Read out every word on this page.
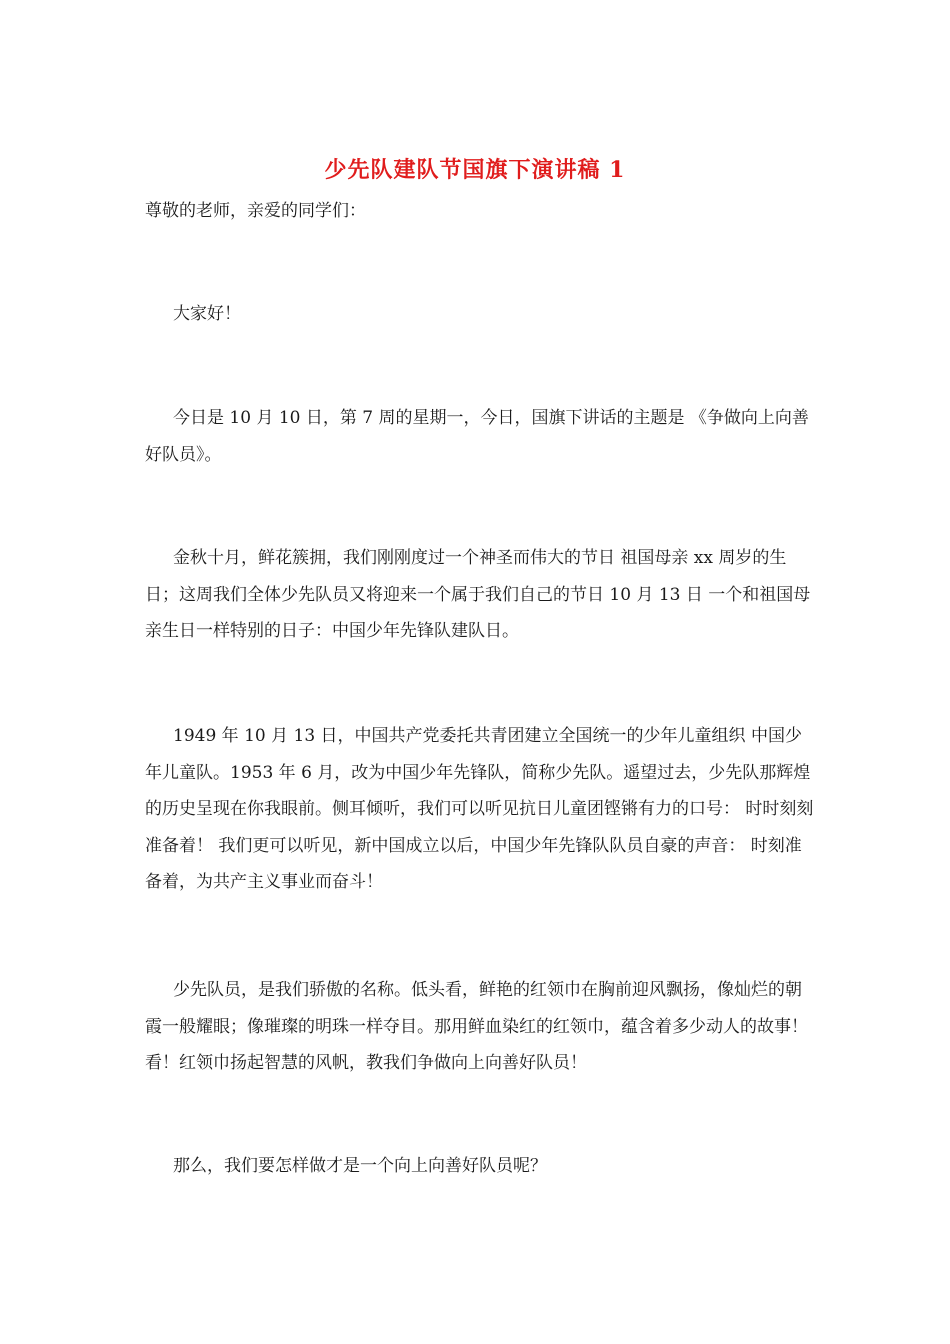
少先队建队节国旗下演讲稿 1
尊敬的老师，亲爱的同学们：
大家好！
今日是 10 月 10 日，第 7 周的星期一，今日，国旗下讲话的主题是 《争做向上向善好队员》。
金秋十月，鲜花簇拥，我们刚刚度过一个神圣而伟大的节日 祖国母亲 xx 周岁的生日；这周我们全体少先队员又将迎来一个属于我们自己的节日 10 月 13 日 一个和祖国母亲生日一样特别的日子：中国少年先锋队建队日。
1949 年 10 月 13 日，中国共产党委托共青团建立全国统一的少年儿童组织 中国少年儿童队。1953 年 6 月，改为中国少年先锋队，简称少先队。遥望过去，少先队那辉煌的历史呈现在你我眼前。侧耳倾听，我们可以听见抗日儿童团铿锵有力的口号： 时时刻刻准备着！ 我们更可以听见，新中国成立以后，中国少年先锋队队员自豪的声音： 时刻准备着，为共产主义事业而奋斗！
少先队员，是我们骄傲的名称。低头看，鲜艳的红领巾在胸前迎风飘扬，像灿烂的朝霞一般耀眼；像璀璨的明珠一样夺目。那用鲜血染红的红领巾，蕴含着多少动人的故事！看！红领巾扬起智慧的风帆，教我们争做向上向善好队员！
那么，我们要怎样做才是一个向上向善好队员呢？
